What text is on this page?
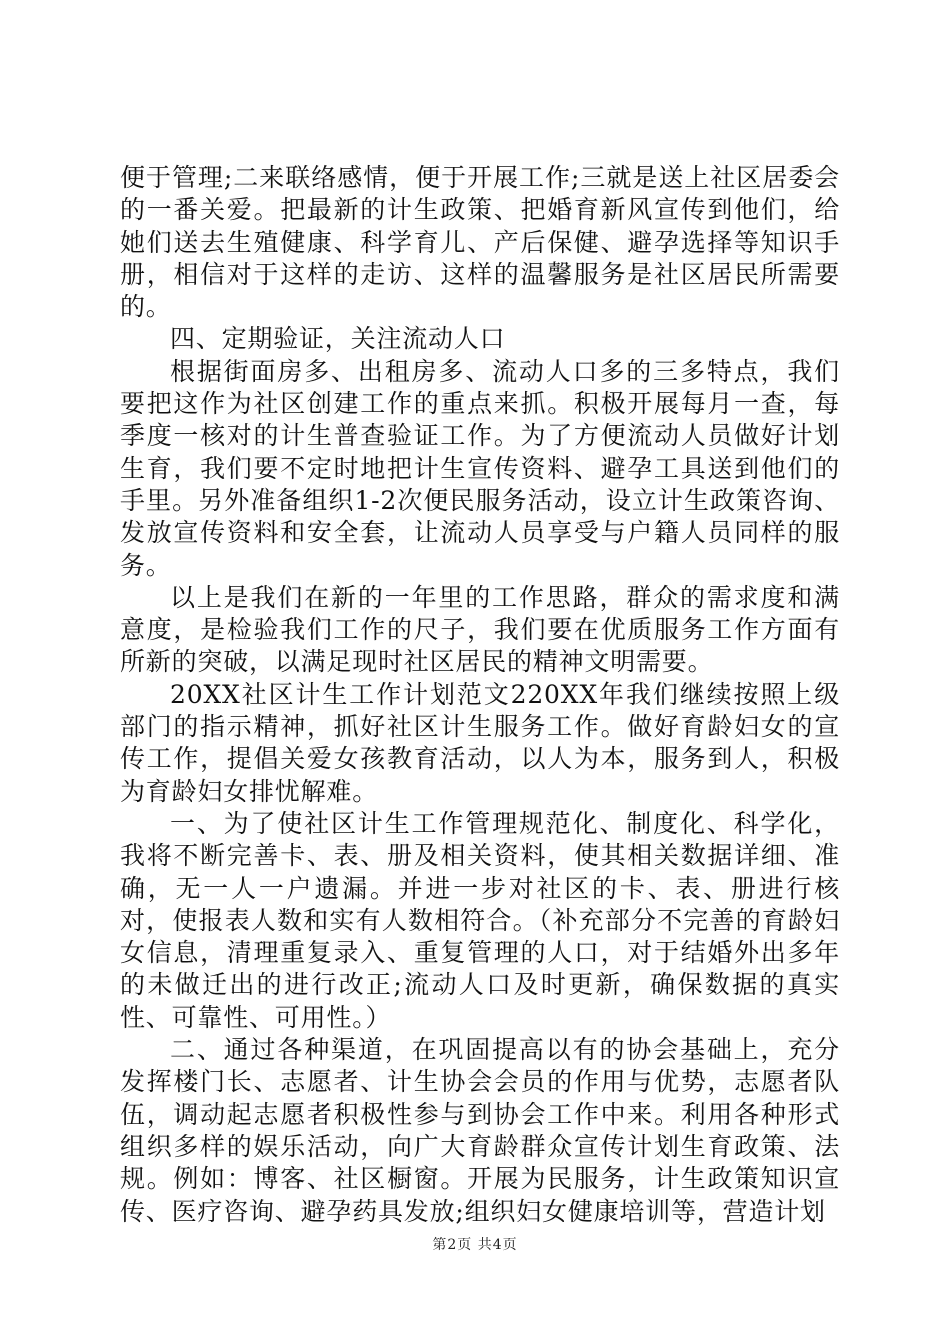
便于管理;二来联络感情，便于开展工作;三就是送上社区居委会的一番关爱。把最新的计生政策、把婚育新风宣传到他们，给她们送去生殖健康、科学育儿、产后保健、避孕选择等知识手册，相信对于这样的走访、这样的温馨服务是社区居民所需要的。

四、定期验证，关注流动人口

根据街面房多、出租房多、流动人口多的三多特点，我们要把这作为社区创建工作的重点来抓。积极开展每月一查，每季度一核对的计生普查验证工作。为了方便流动人员做好计划生育，我们要不定时地把计生宣传资料、避孕工具送到他们的手里。另外准备组织1-2次便民服务活动，设立计生政策咨询、发放宣传资料和安全套，让流动人员享受与户籍人员同样的服务。

以上是我们在新的一年里的工作思路，群众的需求度和满意度，是检验我们工作的尺子，我们要在优质服务工作方面有所新的突破，以满足现时社区居民的精神文明需要。

20XX社区计生工作计划范文220XX年我们继续按照上级部门的指示精神，抓好社区计生服务工作。做好育龄妇女的宣传工作，提倡关爱女孩教育活动，以人为本，服务到人，积极为育龄妇女排忧解难。

一、为了使社区计生工作管理规范化、制度化、科学化，我将不断完善卡、表、册及相关资料，使其相关数据详细、准确，无一人一户遗漏。并进一步对社区的卡、表、册进行核对，使报表人数和实有人数相符合。（补充部分不完善的育龄妇女信息，清理重复录入、重复管理的人口，对于结婚外出多年的未做迁出的进行改正;流动人口及时更新，确保数据的真实性、可靠性、可用性。）

二、通过各种渠道，在巩固提高以有的协会基础上，充分发挥楼门长、志愿者、计生协会会员的作用与优势，志愿者队伍，调动起志愿者积极性参与到协会工作中来。利用各种形式组织多样的娱乐活动，向广大育龄群众宣传计划生育政策、法规。例如：博客、社区橱窗。开展为民服务，计生政策知识宣传、医疗咨询、避孕药具发放;组织妇女健康培训等，营造计划

第2页 共4页
